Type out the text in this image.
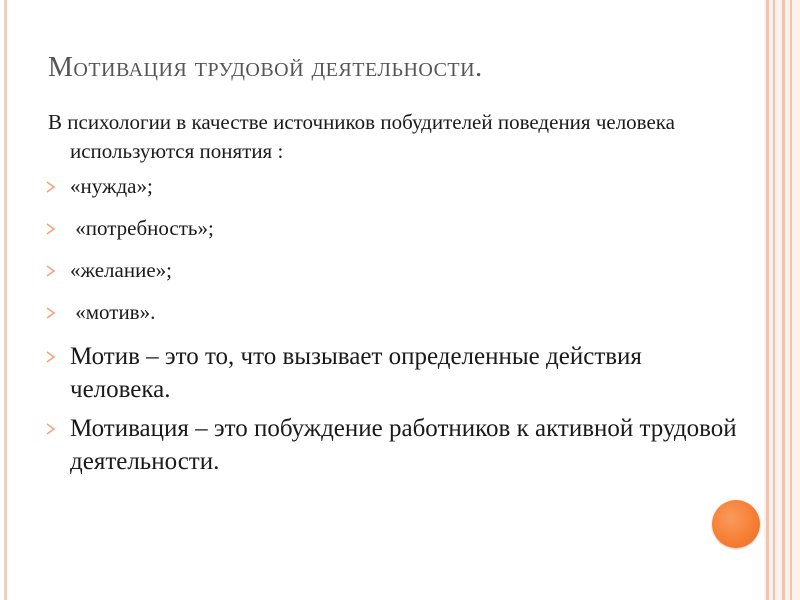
Мотивация трудовой деятельности.

В психологии в качестве источников побудителей поведения человека используются понятия :

«нужда»;
«потребность»;
«желание»;
«мотив».
Мотив – это то, что вызывает определенные действия человека.
Мотивация – это побуждение работников к активной трудовой деятельности.
